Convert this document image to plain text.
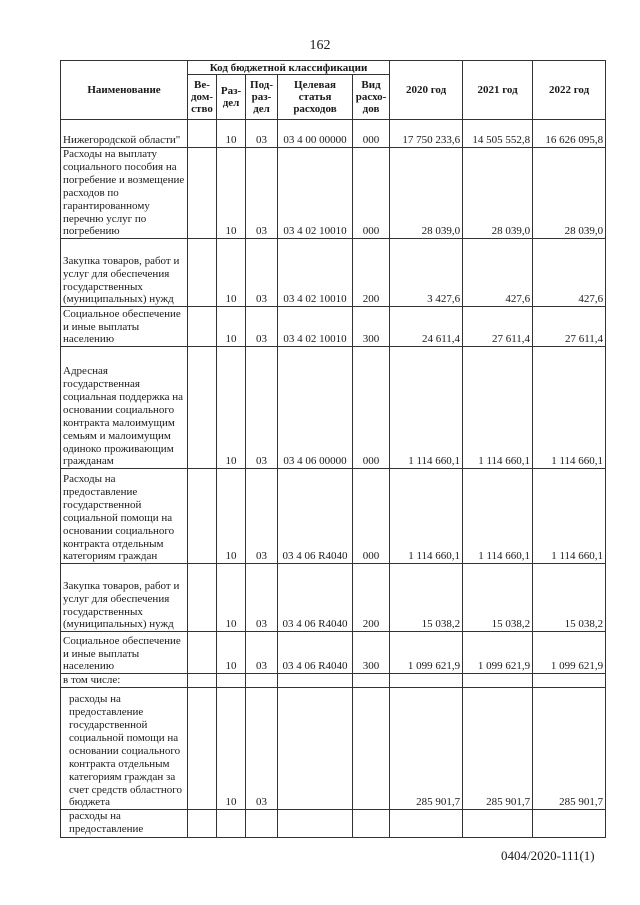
162
Наименование	Код бюджетной классификации					2020 год	2021 год	2022 год
	Ве-дом-ство	Раз-дел	Под-раз-дел	Целевая статья расходов	Вид расхо-дов			
Нижегородской области"		10	03	03 4 00 00000	000	17 750 233,6	14 505 552,8	16 626 095,8
Расходы на выплату социального пособия на погребение и возмещение расходов по гарантированному перечню услуг по погребению		10	03	03 4 02 10010	000	28 039,0	28 039,0	28 039,0
Закупка товаров, работ и услуг для обеспечения государственных (муниципальных) нужд		10	03	03 4 02 10010	200	3 427,6	427,6	427,6
Социальное обеспечение и иные выплаты населению		10	03	03 4 02 10010	300	24 611,4	27 611,4	27 611,4
Адресная государственная социальная поддержка на основании социального контракта малоимущим семьям и малоимущим одиноко проживающим гражданам		10	03	03 4 06 00000	000	1 114 660,1	1 114 660,1	1 114 660,1
Расходы на предоставление государственной социальной помощи на основании социального контракта отдельным категориям граждан		10	03	03 4 06 R4040	000	1 114 660,1	1 114 660,1	1 114 660,1
Закупка товаров, работ и услуг для обеспечения государственных (муниципальных) нужд		10	03	03 4 06 R4040	200	15 038,2	15 038,2	15 038,2
Социальное обеспечение и иные выплаты населению		10	03	03 4 06 R4040	300	1 099 621,9	1 099 621,9	1 099 621,9
в том числе:								
расходы на предоставление государственной социальной помощи на основании социального контракта отдельным категориям граждан за счет средств областного бюджета		10	03			285 901,7	285 901,7	285 901,7
расходы на предоставление								
0404/2020-111(1)
